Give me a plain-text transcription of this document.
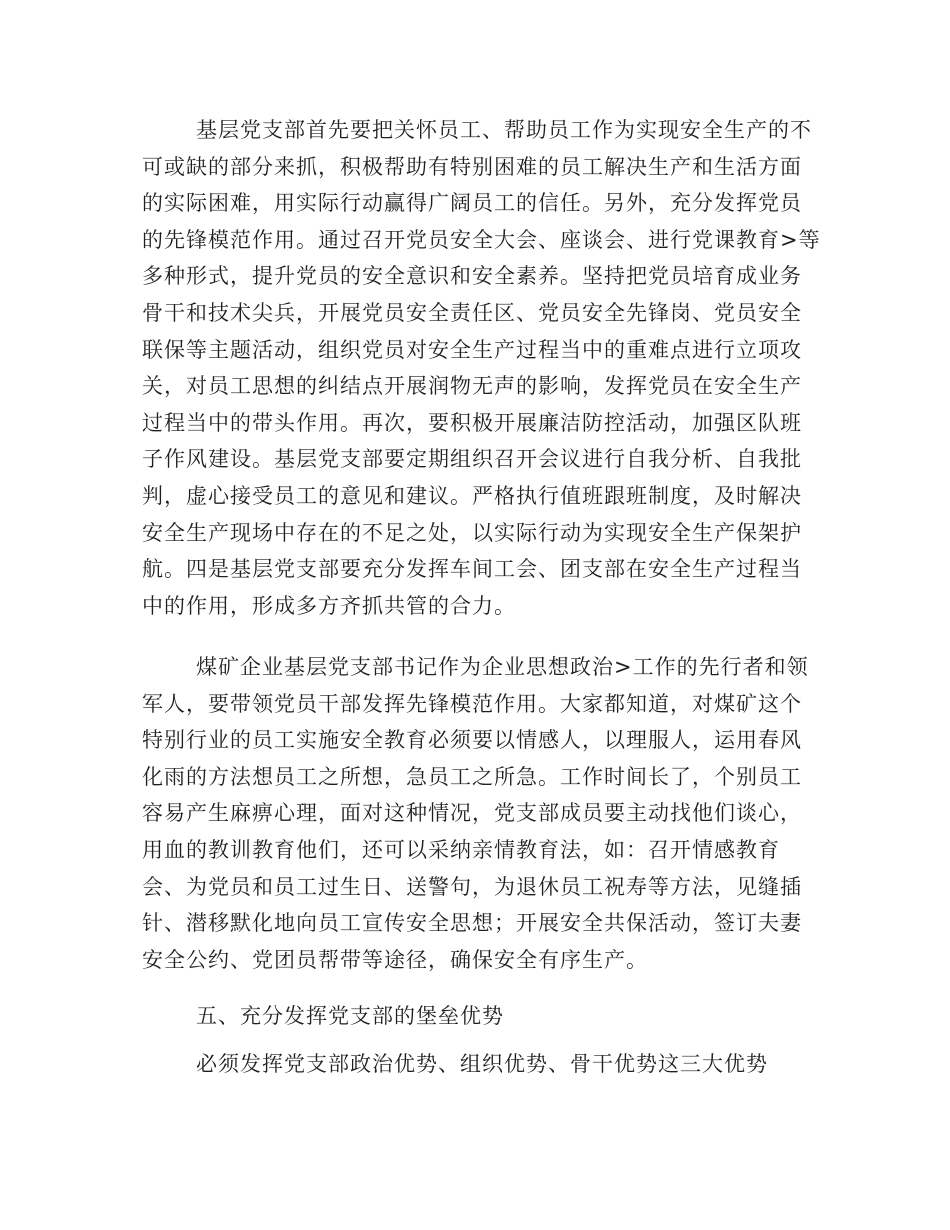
基层党支部首先要把关怀员工、帮助员工作为实现安全生产的不
可或缺的部分来抓，积极帮助有特别困难的员工解决生产和生活方面
的实际困难，用实际行动赢得广阔员工的信任。另外，充分发挥党员
的先锋模范作用。通过召开党员安全大会、座谈会、进行党课教育>等
多种形式，提升党员的安全意识和安全素养。坚持把党员培育成业务
骨干和技术尖兵，开展党员安全责任区、党员安全先锋岗、党员安全
联保等主题活动，组织党员对安全生产过程当中的重难点进行立项攻
关，对员工思想的纠结点开展润物无声的影响，发挥党员在安全生产
过程当中的带头作用。再次，要积极开展廉洁防控活动，加强区队班
子作风建设。基层党支部要定期组织召开会议进行自我分析、自我批
判，虚心接受员工的意见和建议。严格执行值班跟班制度，及时解决
安全生产现场中存在的不足之处，以实际行动为实现安全生产保架护
航。四是基层党支部要充分发挥车间工会、团支部在安全生产过程当
中的作用，形成多方齐抓共管的合力。
煤矿企业基层党支部书记作为企业思想政治>工作的先行者和领
军人，要带领党员干部发挥先锋模范作用。大家都知道，对煤矿这个
特别行业的员工实施安全教育必须要以情感人，以理服人，运用春风
化雨的方法想员工之所想，急员工之所急。工作时间长了，个别员工
容易产生麻痹心理，面对这种情况，党支部成员要主动找他们谈心，
用血的教训教育他们，还可以采纳亲情教育法，如：召开情感教育
会、为党员和员工过生日、送警句，为退休员工祝寿等方法，见缝插
针、潜移默化地向员工宣传安全思想；开展安全共保活动，签订夫妻
安全公约、党团员帮带等途径，确保安全有序生产。
五、充分发挥党支部的堡垒优势
必须发挥党支部政治优势、组织优势、骨干优势这三大优势
